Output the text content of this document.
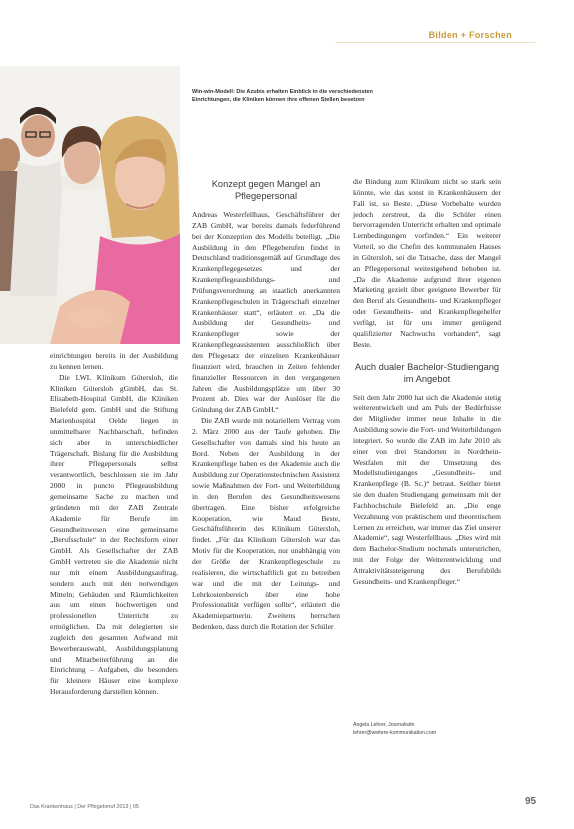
Bilden + Forschen
Win-win-Modell: Die Azubis erhalten Einblick in die verschiedensten Einrichtungen, die Kliniken können ihre offenen Stellen besetzen

einrichtungen bereits in der Ausbildung zu kennen lernen.

Die LWL Klinikum Gütersloh, die Kliniken Gütersloh gGmbH, das St. Elisabeth-Hospital GmbH, die Kliniken Bielefeld gem. GmbH und die Stiftung Marienhospital Oelde liegen in unmittelbarer Nachbarschaft, befinden sich aber in unterschiedlicher Trägerschaft. Bislang für die Ausbildung ihrer Pflegepersonals selbst verantwortlich, beschlossen sie im Jahr 2000 in puncto Pflegeausbildung gemeinsame Sache zu machen und gründeten mit der ZAB Zentrale Akademie für Berufe im Gesundheitswesen eine gemeinsame „Berufsschule“ in der Rechtsform einer GmbH. Als Gesellschafter der ZAB GmbH vertreten sie die Akademie nicht nur mit einem Ausbildungsauftrag, sondern auch mit den notwendigen Mitteln; Gebäuden und Räumlichkeiten aus um einen hochwertigen und professionellen Unterricht zu ermöglichen. Da mit delegierten sie zugleich den gesamten Aufwand mit Bewerberauswahl, Ausbildungsplanung und Mitarbeiterführung an die Einrichtung – Aufgaben, die besonders für kleinere Häuser eine komplexe Herausforderung darstellen können.

Konzept gegen Mangel an Pflegepersonal

Andreas Westerfellhaus, Geschäftsführer der ZAB GmbH, war bereits damals federführend bei der Konzeption des Modells beteiligt. „Die Ausbildung in den Pflegeberufen findet in Deutschland traditionsgemäß auf Grundlage des Krankenpflegegesetzes und der Krankenpflegeausbildungs- und Prüfungsverordnung an staatlich anerkannten Krankenpflegeschulen in Trägerschaft einzelner Krankenhäuser statt“, erläutert er. „Da die Ausbildung der Gesundheits- und Krankenpfleger sowie der Krankenpflegeassistenten ausschließlich über den Pflegesatz der einzelnen Krankenhäuser finanziert wird, brauchen in Zeiten fehlender finanzieller Ressourcen in den vergangenen Jahren die Ausbildungsplätze um über 30 Prozent ab. Dies war der Auslöser für die Gründung der ZAB GmbH.“

Die ZAB wurde mit notariellem Vertrag vom 2. März 2000 aus der Taufe gehoben. Die Gesellschafter von damals sind bis heute an Bord. Neben der Ausbildung in der Krankenpflege haben es der Akademie auch die Ausbildung zur Operationstechnischen Assistenz sowie Maßnahmen der Fort- und Weiterbildung in den Berufen des Gesundheitswesens übertragen. Eine bisher erfolgreiche Kooperation, wie Maud Beste, Geschäftsführerin des Klinikum Gütersloh, findet. „Für das Klinikum Gütersloh war das Motiv für die Kooperation, nur unabhängig von der Größe der Krankenpflegeschule zu realisieren, die wirtschaftlich gut zu betreiben war und die mit der Leitungs- und Lehrkostenbereich über eine hohe Professionalität verfügen sollte“, erläutert die Akademiepartnerin. Zweitens herrschen Bedenken, dass durch die Rotation der Schüler

die Bindung zum Klinikum nicht so stark sein könnte, wie das sonst in Krankenhäusern der Fall ist, so Beste. „Diese Vorbehalte wurden jedoch zerstreut, da die Schüler einen hervorragenden Unterricht erhalten und optimale Lernbedingungen vorfinden.“ Ein weiterer Vorteil, so die Chefin des kommunalen Hauses in Gütersloh, sei die Tatsache, dass der Mangel an Pflegepersonal weitestgehend behoben ist. „Da die Akademie aufgrund ihrer eigenen Marketing gezielt über geeignete Bewerber für den Beruf als Gesundheits- und Krankenpfleger oder Gesundheits- und Krankenpflegehelfer verfügt, ist für uns immer genügend qualifizierter Nachwuchs vorhanden“, sagt Beste.

Auch dualer Bachelor-Studiengang im Angebot

Seit dem Jahr 2000 hat sich die Akademie stetig weiterentwickelt und am Puls der Bedürfnisse der Mitglieder immer neue Inhalte in die Ausbildung sowie die Fort- und Weiterbildungen integriert. So wurde die ZAB im Jahr 2010 als einer von drei Standorten in Nordrhein-Westfalen mit der Umsetzung des Modellstudienganges „Gesundheits- und Krankenpflege (B. Sc.)“ betraut. Seither bietet sie den dualen Studiengang gemeinsam mit der Fachhochschule Bielefeld an. „Die enge Verzahnung von praktischem und theoretischem Lernen zu erreichen, war immer das Ziel unserer Akademie“, sagt Westerfellhaus. „Dies wird mit dem Bachelor-Studium nochmals unterstrichen, mit der Folge der Weiterentwicklung und Attraktivitätssteigerung des Berufsbilds Gesundheits- und Krankenpfleger.“

Angela Lehrer, Journalistin
lehrer@weitere-kommunikation.com
Das Krankenhaus | Der Pflegeberuf 2013 | 05	95
